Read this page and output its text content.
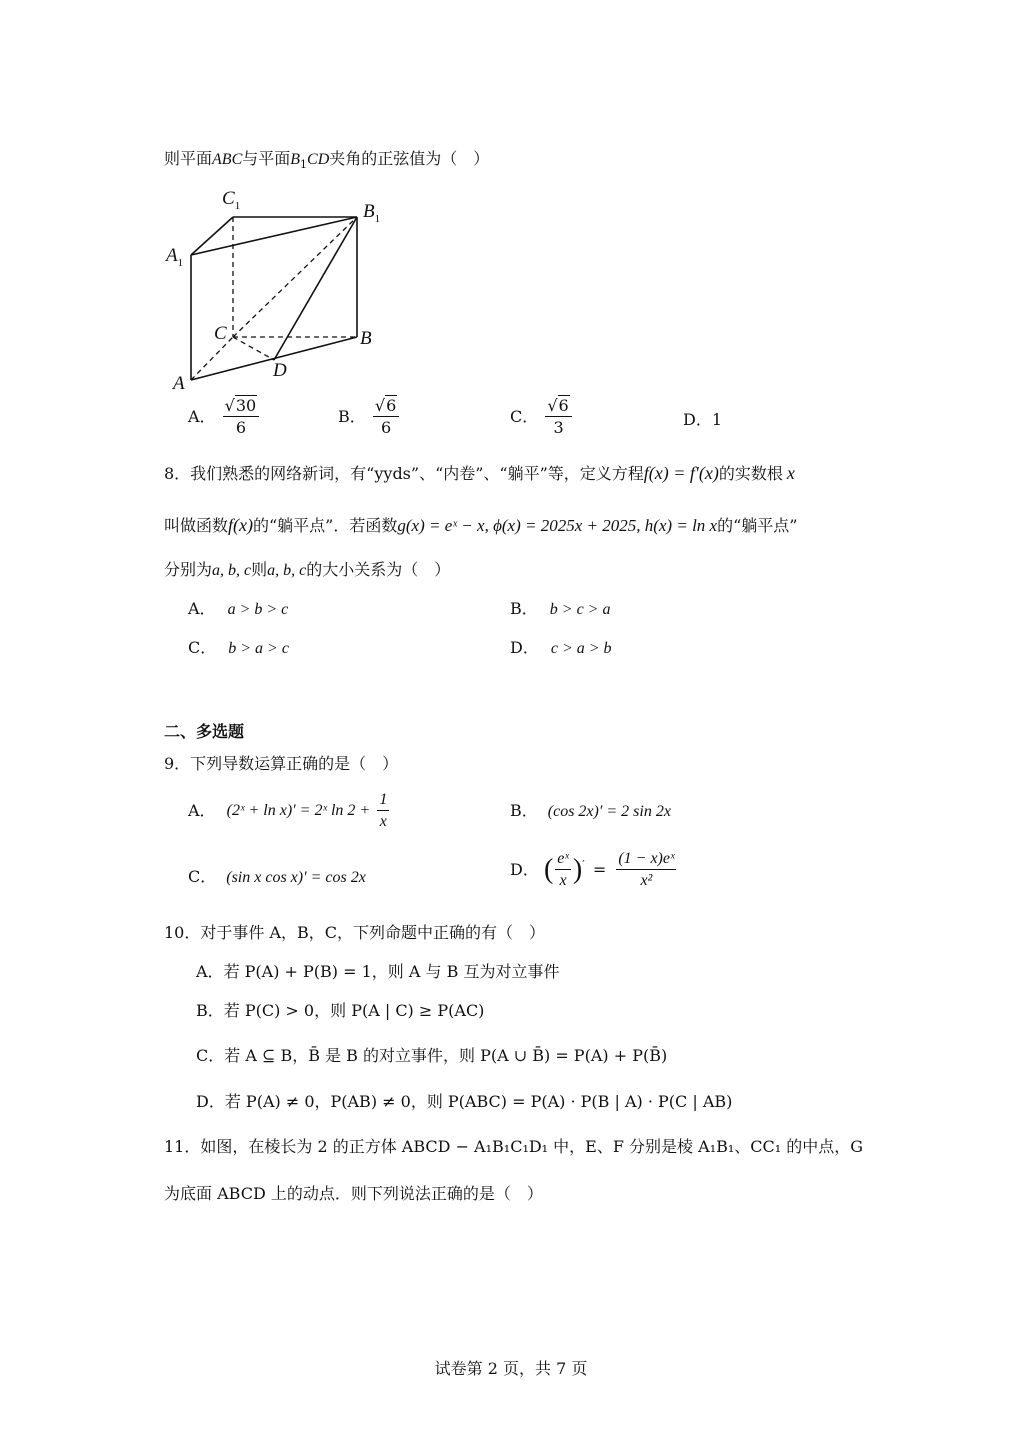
则平面ABC与平面$B_1CD$夹角的正弦值为（　）
$C_1$	$B_1$
$A_1$
C	B
A
D
A． $\frac{√30}{6}$	B． $\frac{√6}{6}$	C． $\frac{√6}{3}$	D．1
8．我们熟悉的网络新词，有“yyds”、“内卷”、“躺平”等，定义方程f(x) = f′(x)的实数根 x
叫做函数f(x)的“躺平点”．若函数g(x) = eˣ − x, ϕ(x) = 2025x + 2025, h(x) = ln x的“躺平点”
分别为a, b, c则a, b, c的大小关系为（　）
A． a > b > c	B． b > c > a
C． b > a > c	D． c > a > b
二、多选题
9．下列导数运算正确的是（　）
A． (2ˣ + ln x)′ = 2ˣ $\ln 2 + \frac{1}{x}$	B． (cos 2x)′ = 2 sin 2x
C． (sin x cos x)′ = cos 2x	D． ( $\frac{\text{eˣ}}{x} )' = \frac{\text{(1 − x)eˣ}}{\text{x²}}$
10．对于事件 A，B，C，下列命题中正确的有（　）
A．若 P(A) + P(B) = 1，则 A 与 B 互为对立事件
B．若 P(C) > 0，则 P(A | C) ≥ P(AC)
C．若 A ⊆ B，B̄ 是 B 的对立事件，则 P(A ∪ B̄) = P(A) + P(B̄)
D．若 P(A) ≠ 0，P(AB) ≠ 0，则 P(ABC) = P(A) · P(B | A) · P(C | AB)
11．如图，在棱长为 2 的正方体 ABCD − A₁B₁C₁D₁ 中，E、F 分别是棱 A₁B₁、CC₁ 的中点，G
为底面 ABCD 上的动点．则下列说法正确的是（　）
试卷第 2 页，共 7 页
